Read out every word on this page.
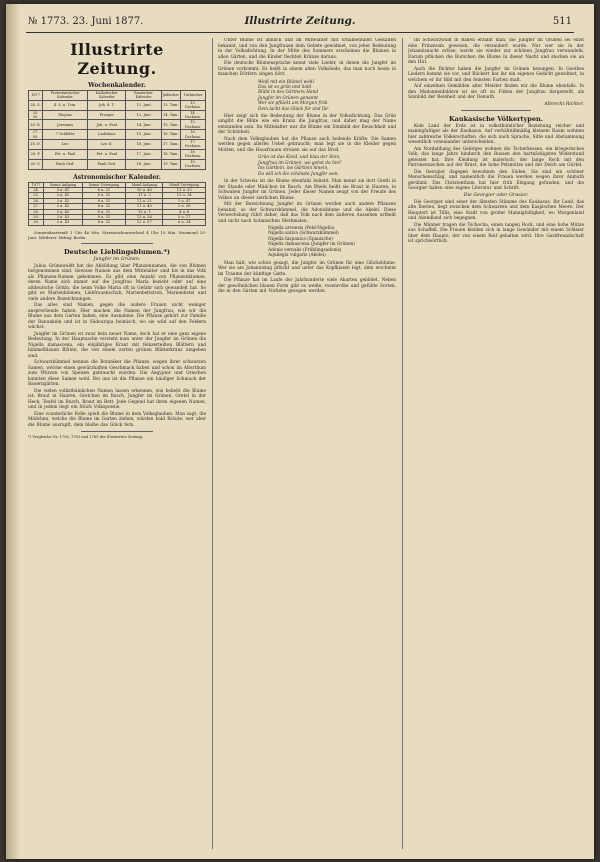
№ 1773. 23. Juni 1877.	Illustrirte Zeitung.	511
Illustrirte Zeitung.
Wochenkalender.
1877	Protestantischer Kalender	Katholischer Kalender	Russischer Kalender	Jüdischer	Türkischer
24. S.	4. S. n. Trin.	Joh. d. T.	12. Juni	13. Tam.	13. Dschum.
25. M.	Elogius	Prosper	13. Juni	14. Tam.	14. Dschum.
26. D.	Jeremias	Joh. u. Paul	14. Juni	15. Tam.	15. Dschum.
27. M.	7 Schläfer	Ladislaus	15. Juni	16. Tam.	16. Dschum.
28. D.	Leo	Leo II.	16. Juni	17. Tam.	17. Dschum.
29. F.	Pet. u. Paul	Pet. u. Paul	17. Juni	18. Tam.	18. Dschum.
30. S.	Pauli Ged.	Pauli Ged.	18. Juni	19. Tam.	19. Dschum.
Astronomischer Kalender.
1877	Sonne Aufgang	Sonne Untergang	Mond Aufgang	Mond Untergang
24.	3 u. 41	8 u. 21	10 u. 46	11 u. 20
25.	3 u. 41	8 u. 21	11 u. 3	12 u. 34
26.	3 u. 42	8 u. 21	11 u. 21	1 u. 47
27.	3 u. 42	8 u. 21	11 u. 40	2 u. 58
28.	3 u. 42	8 u. 21	12 u. 1	4 u. 8
29.	3 u. 43	8 u. 21	12 u. 26	5 u. 17
30.	3 u. 43	8 u. 21	12 u. 57	6 u. 24

Sonnenfinsterniß 1 Uhr 46 Min. Sternzeichenwechsel 4 Uhr 10 Min. Neumond 29. Juni. Mittlerer Mittag Berlin.

Deutsche Lieblingsblumen.*)
Jungfer im Grünen.

Julius Grünewaldt hat die Abbildung über Pflanzennamen, die von Blumen hergenommen sind. Gewisse Namen aus dem Mittelalter sind bis in das Volk als Pflanzen-Namen gekommen. Es gibt eine Anzahl von Pflanzenblumen, deren Name sich immer auf die Jungfrau Maria bezieht oder auf eine altdeutsche Göttin, die beim Volke Maria oft in Gefahr sich gewandelt hat. So gibt es Marienblumen, Liebfrauenschuh, Marienbettstroh, Mariendistel und viele andere Bezeichnungen.

Das alles sind Namen, gegen die andere Frauen nicht weniger ansprechende haben. Hier machen die Namen der Jungfrau, wie wir die Blume aus dem Garten haben, eine Ausnahme. Die Pflanze gehört zur Familie der Ranunkeln und ist in Südeuropa heimisch, wo sie wild auf den Feldern wächst.

Jungfer im Grünen ist zwar kein neuer Name, doch hat er eine ganz eigene Bedeutung. In der Hauptsache versteht man unter der Jungfer im Grünen die Nigella damascena, ein einjähriges Kraut mit feinzerteilten Blättern und himmelblauen Blüten, die von einem zarten grünen Blätterkranz umgeben sind.

Schwarzkümmel nennen die Botaniker die Pflanze, wegen ihrer schwarzen Samen, welche einen gewürzhaften Geschmack haben und schon im Alterthum zum Würzen von Speisen gebraucht wurden. Die Aegypter und Griechen kannten diese Samen wohl. Bei uns ist die Pflanze ein häufiger Schmuck der Bauerngärten.

Die vielen volksthümlichen Namen lassen erkennen, wie beliebt die Blume ist: Braut in Haaren, Gretchen im Busch, Jungfer im Grünen, Gretel in der Heck, Teufel im Busch, Braut im Bett. Jede Gegend hat ihren eigenen Namen, und in jedem liegt ein Stück Volkspoesie.

Eine wunderliche Rolle spielt die Blume in dem Volksglauben. Man sagt, die Mädchen, welche die Blume im Garten ziehen, würden bald Bräute; wer aber die Blume ausrupft, dem bleibe das Glück fern.

*) Vergleiche Nr. 1756, 1763 und 1769 der Illustrirten Zeitung.

Unter Blume ist ähnlich und im Mittelalter mit ornamentalen Gestalten bekannt, und von den Jungfrauen dem Gebete gewidmet, von jeher Bedeutung in der Volksdichtung. In der Mitte des Sommers erscheinen die Blumen in allen Gärten, und die Kinder flechten Kränze daraus.

Die deutsche Blumensprache kennt viele Lieder, in denen die Jungfer im Grünen vorkommt. Es heißt in einem alten Volksliede, das man noch heute in manchen Dörfern singen hört:

Weiß mit ein Blümel wohl
Das ist so grün und hold
Blüht in des Gärtners Hand
Jungfer im Grünen genannt
Wer sie pflückt am Morgen früh
Dem lacht das Glück für und für

Hier zeigt sich die Bedeutung der Blume in der Volksdichtung. Das Grün umgibt die Blüte wie ein Kranz die Jungfrau, und daher mag der Name entstanden sein. Im Mittelalter war die Blume ein Sinnbild der Keuschheit und der Schönheit.

Nach dem Volksglauben hat die Pflanze auch heilende Kräfte. Die Samen werden gegen allerlei Uebel gebraucht; man legt sie in die Kleider gegen Motten, und die Hausfrauen streuen sie auf das Brod.

Grün ist das Kleid, und blau der Sinn,
Jungfrau im Grünen, wo gehst du hin?
Ins Gärtlein, ins Gärtlein hinein,
Da will ich die schönste Jungfer sein.

In der Schweiz ist die Blume ebenfalls beliebt. Man nennt sie dort Gretli in der Staude oder Mädchen im Busch. Am Rhein heißt sie Braut in Haaren, in Schwaben Jungfer im Grünen. Jeder dieser Namen zeugt von der Freude des Volkes an dieser zierlichen Blume.

Mit der Bezeichnung Jungfer im Grünen werden auch andere Pflanzen benannt, so der Schwarzkümmel, die Adonisblume und die Akelei. Diese Verwechslung rührt daher, daß das Volk nach dem äußeren Aussehen urtheilt und nicht nach botanischen Merkmalen.

Nigella arvensis (Feld-Nigella)
Nigella sativa (Schwarzkümmel)
Nigella hispanica (Spanische)
Nigella damascena (Jungfer im Grünen)
Adonis vernalis (Frühlingsadonis)
Aquilegia vulgaris (Akelei)

Man hält, wie schon gesagt, die Jungfer im Grünen für eine Glücksblume. Wer sie am Johannistag pflückt und unter das Kopfkissen legt, dem erscheint im Traume der künftige Gatte.

Die Pflanze hat im Laufe der Jahrhunderte viele Abarten gebildet. Neben der gewöhnlichen blauen Form gibt es weiße, rosenrothe und gefüllte Sorten, die in den Gärten mit Vorliebe gezogen werden.

Im Schwarzwald in Baden erzählt man, die Jungfer im Grünen sei einst eine Prinzessin gewesen, die verzaubert wurde. Nur wer sie in der Johannisnacht erlöse, werde sie wieder zur schönen Jungfrau verwandeln. Darum pflücken die Burschen die Blume in dieser Nacht und stecken sie an den Hut.

Auch die Dichter haben die Jungfer im Grünen besungen. In Goethes Liedern kommt sie vor, und Rückert hat ihr ein eigenes Gedicht gewidmet, in welchem er ihr Bild mit den feinsten Farben malt.

Auf einzelnen Gemälden alter Meister finden wir die Blume ebenfalls. In den Madonnenbildern ist sie oft zu Füßen der Jungfrau dargestellt, als Sinnbild der Reinheit und der Demuth.

Albrecht Richter.
Kaukasische Völkertypen.

Kein Land der Erde ist in volksthümlicher Beziehung reicher und mannigfaltiger als der Kaukasus. Auf verhältnißmäßig kleinem Raum wohnen hier zahlreiche Völkerschaften, die sich nach Sprache, Sitte und Abstammung wesentlich voneinander unterscheiden.

Am Nordabhang des Gebirges wohnen die Tscherkessen, ein kriegerisches Volk, das lange Jahre hindurch den Russen den hartnäckigsten Widerstand geleistet hat. Ihre Kleidung ist malerisch: der lange Rock mit den Patronentaschen auf der Brust, die hohe Pelzmütze und der Dolch am Gürtel.

Die Georgier dagegen bewohnen den Süden. Sie sind ein schöner Menschenschlag, und namentlich die Frauen werden wegen ihrer Anmuth gerühmt. Das Christenthum hat hier früh Eingang gefunden, und die Georgier haben eine eigene Literatur und Schrift.

Die Georgier oder Grusier.

Die Georgier sind einer der ältesten Stämme des Kaukasus. Ihr Land, das alte Iberien, liegt zwischen dem Schwarzen und dem Kaspischen Meere. Der Hauptort ist Tiflis, eine Stadt von großer Mannigfaltigkeit, wo Morgenland und Abendland sich begegnen.

Die Männer tragen die Tschocha, einen langen Rock, und eine hohe Mütze aus Schaffell. Die Frauen kleiden sich in lange Gewänder mit einem Schleier über dem Haupte, der von einem Reif gehalten wird. Ihre Gastfreundschaft ist sprichwörtlich.
